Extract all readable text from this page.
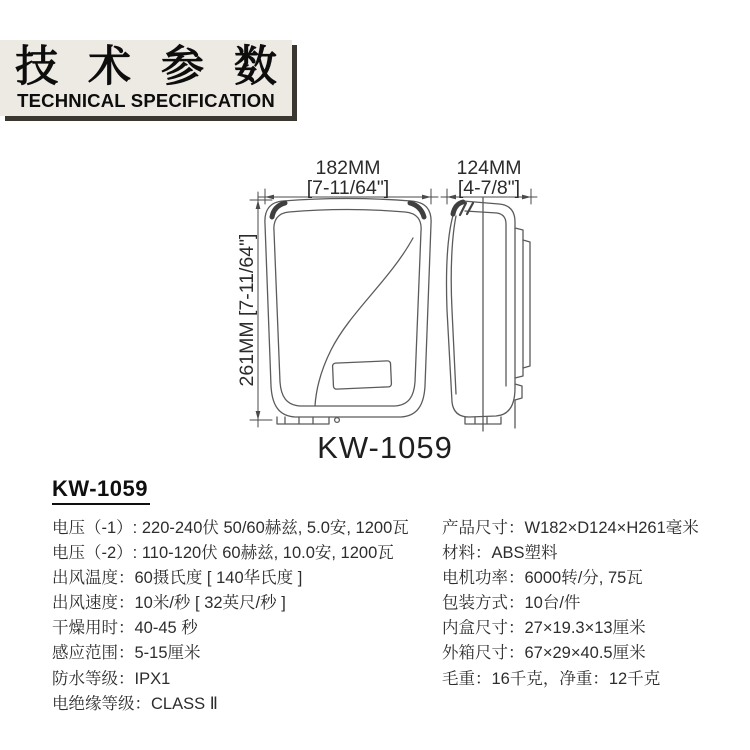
技 术 参 数
TECHNICAL SPECIFICATION
182MM
[7-11/64"]
124MM
[4-7/8"]
261MM [7-11/64"]
KW-1059
KW-1059
电压（-1）: 220-240伏 50/60赫兹, 5.0安, 1200瓦
电压（-2）: 110-120伏 60赫兹, 10.0安, 1200瓦
出风温度：60摄氏度 [ 140华氏度 ]
出风速度：10米/秒 [ 32英尺/秒 ]
干燥用时：40-45 秒
感应范围：5-15厘米
防水等级：IPX1
电绝缘等级：CLASS Ⅱ
产品尺寸：W182×D124×H261毫米
材料：ABS塑料
电机功率：6000转/分, 75瓦
包装方式：10台/件
内盒尺寸：27×19.3×13厘米
外箱尺寸：67×29×40.5厘米
毛重：16千克，净重：12千克
